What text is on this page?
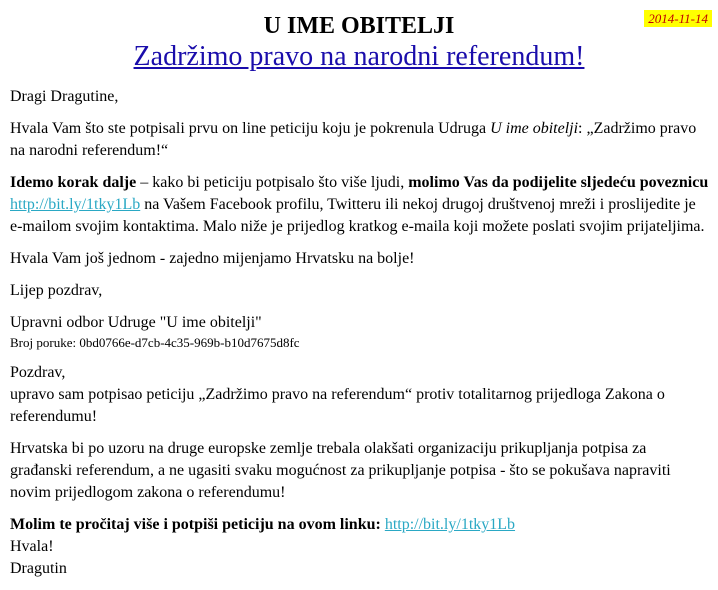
2014-11-14
U IME OBITELJI
Zadržimo pravo na narodni referendum!

Dragi Dragutine,

Hvala Vam što ste potpisali prvu on line peticiju koju je pokrenula Udruga U ime obitelji: „Zadržimo pravo na narodni referendum!“

Idemo korak dalje – kako bi peticiju potpisalo što više ljudi, molimo Vas da podijelite sljedeću poveznicu http://bit.ly/1tky1Lb na Vašem Facebook profilu, Twitteru ili nekoj drugoj društvenoj mreži i proslijedite je e-mailom svojim kontaktima. Malo niže je prijedlog kratkog e-maila koji možete poslati svojim prijateljima.

Hvala Vam još jednom - zajedno mijenjamo Hrvatsku na bolje!

Lijep pozdrav,

Upravni odbor Udruge "U ime obitelji"

Broj poruke: 0bd0766e-d7cb-4c35-969b-b10d7675d8fc

Pozdrav,
upravo sam potpisao peticiju „Zadržimo pravo na referendum“ protiv totalitarnog prijedloga Zakona o referendumu!

Hrvatska bi po uzoru na druge europske zemlje trebala olakšati organizaciju prikupljanja potpisa za građanski referendum, a ne ugasiti svaku mogućnost za prikupljanje potpisa - što se pokušava napraviti novim prijedlogom zakona o referendumu!

Molim te pročitaj više i potpiši peticiju na ovom linku: http://bit.ly/1tky1Lb

Hvala!

Dragutin
